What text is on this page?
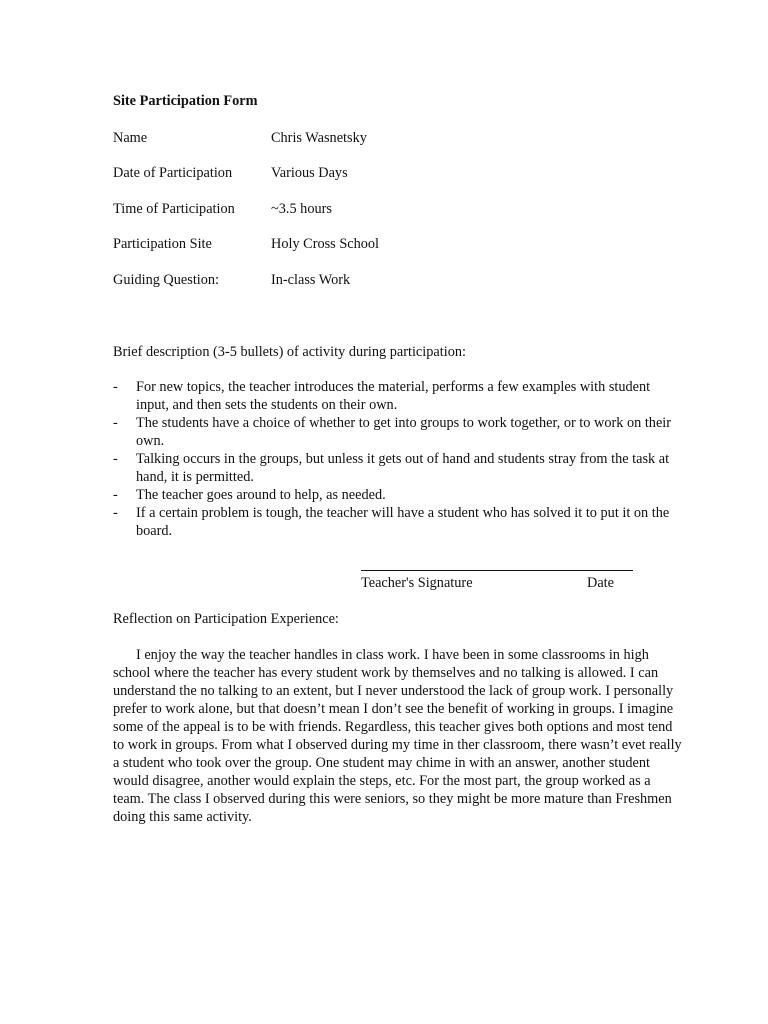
Site Participation Form
Name	Chris Wasnetsky
Date of Participation	Various Days
Time of Participation	~3.5 hours
Participation Site	Holy Cross School
Guiding Question:	In-class Work
Brief description (3-5 bullets) of activity during participation:
- For new topics, the teacher introduces the material, performs a few examples with student input, and then sets the students on their own.
- The students have a choice of whether to get into groups to work together, or to work on their own.
- Talking occurs in the groups, but unless it gets out of hand and students stray from the task at hand, it is permitted.
- The teacher goes around to help, as needed.
- If a certain problem is tough, the teacher will have a student who has solved it to put it on the board.
Teacher's Signature	Date
Reflection on Participation Experience:

I enjoy the way the teacher handles in class work. I have been in some classrooms in high school where the teacher has every student work by themselves and no talking is allowed. I can understand the no talking to an extent, but I never understood the lack of group work. I personally prefer to work alone, but that doesn’t mean I don’t see the benefit of working in groups. I imagine some of the appeal is to be with friends. Regardless, this teacher gives both options and most tend to work in groups. From what I observed during my time in ther classroom, there wasn’t evet really a student who took over the group. One student may chime in with an answer, another student would disagree, another would explain the steps, etc. For the most part, the group worked as a team. The class I observed during this were seniors, so they might be more mature than Freshmen doing this same activity.
